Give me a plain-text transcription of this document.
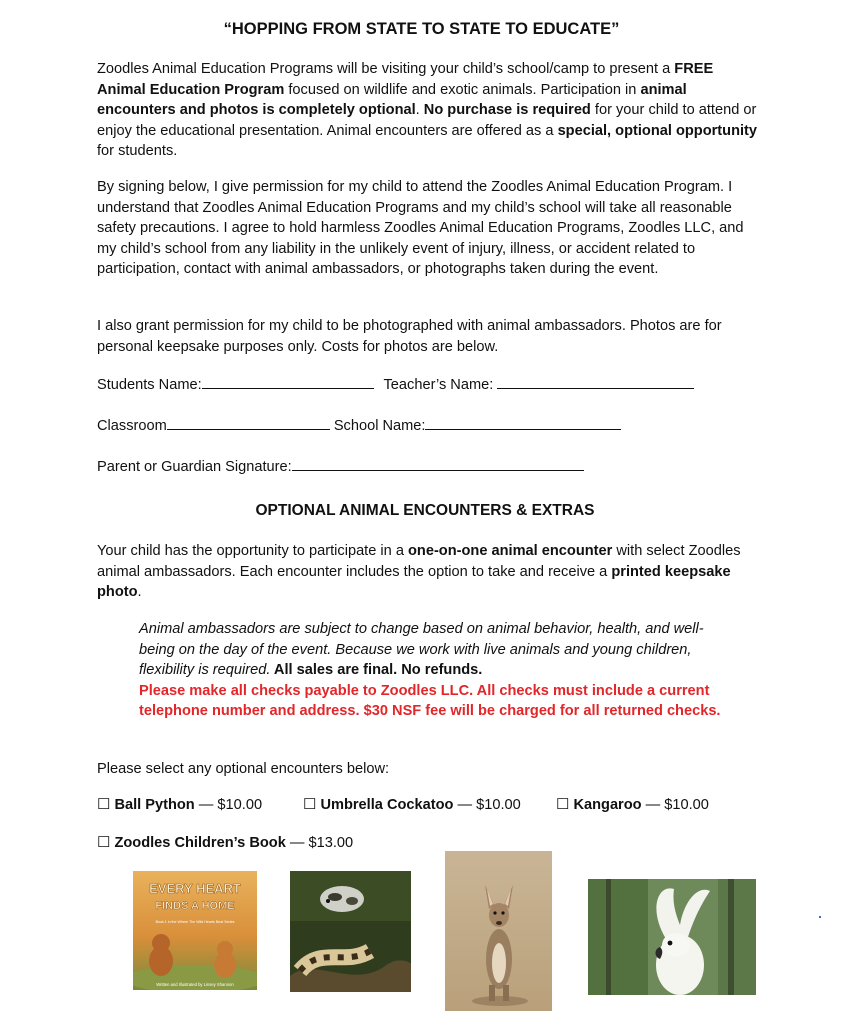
“HOPPING FROM STATE TO STATE TO EDUCATE”
Zoodles Animal Education Programs will be visiting your child’s school/camp to present a FREE Animal Education Program focused on wildlife and exotic animals. Participation in animal encounters and photos is completely optional. No purchase is required for your child to attend or enjoy the educational presentation. Animal encounters are offered as a special, optional opportunity for students.
By signing below, I give permission for my child to attend the Zoodles Animal Education Program. I understand that Zoodles Animal Education Programs and my child’s school will take all reasonable safety precautions. I agree to hold harmless Zoodles Animal Education Programs, Zoodles LLC, and my child’s school from any liability in the unlikely event of injury, illness, or accident related to participation, contact with animal ambassadors, or photographs taken during the event.
I also grant permission for my child to be photographed with animal ambassadors. Photos are for personal keepsake purposes only. Costs for photos are below.
Students Name:	Teacher’s Name:
Classroom	School Name:
Parent or Guardian Signature:
OPTIONAL ANIMAL ENCOUNTERS & EXTRAS
Your child has the opportunity to participate in a one-on-one animal encounter with select Zoodles animal ambassadors. Each encounter includes the option to take and receive a printed keepsake photo.
Animal ambassadors are subject to change based on animal behavior, health, and well-being on the day of the event. Because we work with live animals and young children, flexibility is required. All sales are final. No refunds.
Please make all checks payable to Zoodles LLC. All checks must include a current telephone number and address. $30 NSF fee will be charged for all returned checks.
Please select any optional encounters below:
☐ Ball Python — $10.00	☐ Umbrella Cockatoo — $10.00 ☐ Kangaroo — $10.00
☐ Zoodles Children’s Book — $13.00
EVERY HEART
FINDS A HOME
Book 1 in the Where The Wild Hearts Beat Series
Written and Illustrated by Linsey Shannon
